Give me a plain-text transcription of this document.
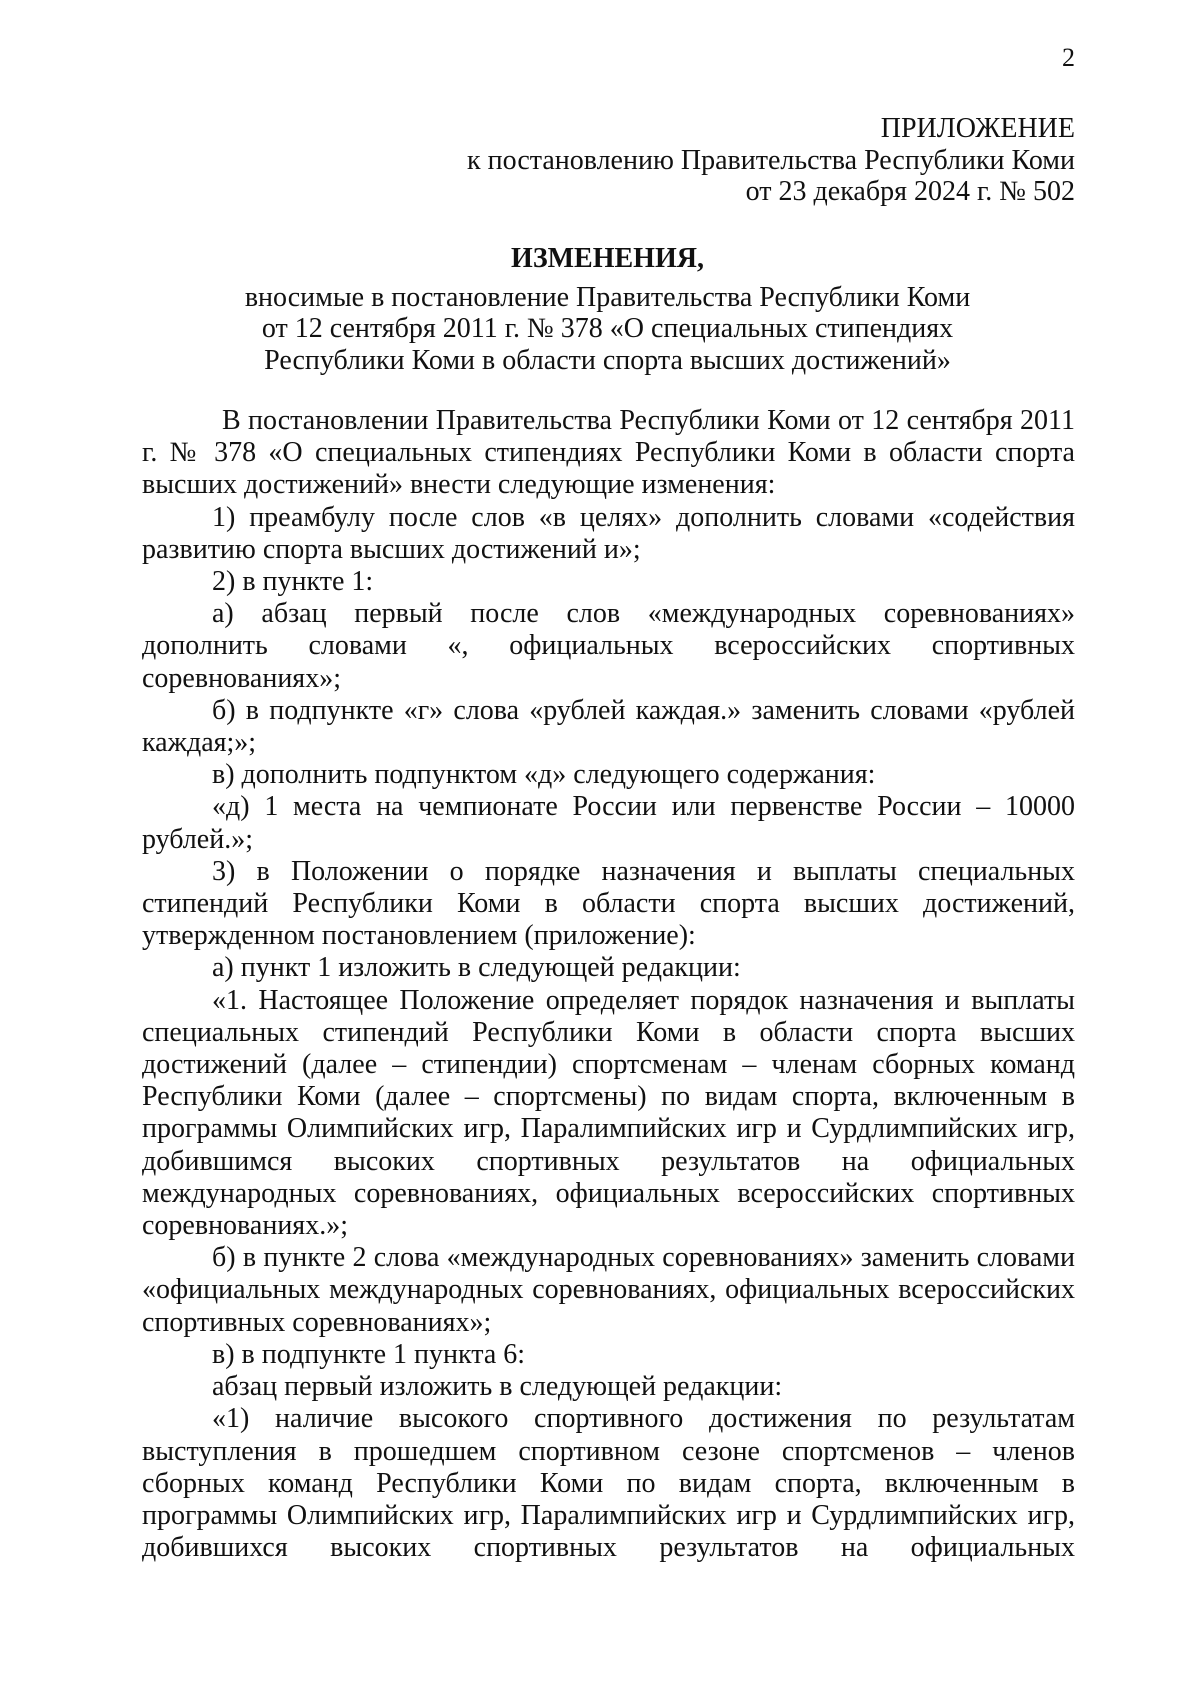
2
ПРИЛОЖЕНИЕ
к постановлению Правительства Республики Коми
от 23 декабря 2024 г. № 502
ИЗМЕНЕНИЯ,
вносимые в постановление Правительства Республики Коми
от 12 сентября 2011 г. № 378 «О специальных стипендиях
Республики Коми в области спорта высших достижений»

В постановлении Правительства Республики Коми от 12 сентября 2011 г. № 378 «О специальных стипендиях Республики Коми в области спорта высших достижений» внести следующие изменения:

1) преамбулу после слов «в целях» дополнить словами «содействия развитию спорта высших достижений и»;

2) в пункте 1:

а) абзац первый после слов «международных соревнованиях» дополнить словами «, официальных всероссийских спортивных соревнованиях»;

б) в подпункте «г» слова «рублей каждая.» заменить словами «рублей каждая;»;

в) дополнить подпунктом «д» следующего содержания:

«д) 1 места на чемпионате России или первенстве России – 10000 рублей.»;

3) в Положении о порядке назначения и выплаты специальных стипендий Республики Коми в области спорта высших достижений, утвержденном постановлением (приложение):

а) пункт 1 изложить в следующей редакции:

«1. Настоящее Положение определяет порядок назначения и выплаты специальных стипендий Республики Коми в области спорта высших достижений (далее – стипендии) спортсменам – членам сборных команд Республики Коми (далее – спортсмены) по видам спорта, включенным в программы Олимпийских игр, Паралимпийских игр и Сурдлимпийских игр, добившимся высоких спортивных результатов на официальных международных соревнованиях, официальных всероссийских спортивных соревнованиях.»;

б) в пункте 2 слова «международных соревнованиях» заменить словами «официальных международных соревнованиях, официальных всероссийских спортивных соревнованиях»;

в) в подпункте 1 пункта 6:

абзац первый изложить в следующей редакции:

«1) наличие высокого спортивного достижения по результатам выступления в прошедшем спортивном сезоне спортсменов – членов сборных команд Республики Коми по видам спорта, включенным в программы Олимпийских игр, Паралимпийских игр и Сурдлимпийских игр, добившихся высоких спортивных результатов на официальных
